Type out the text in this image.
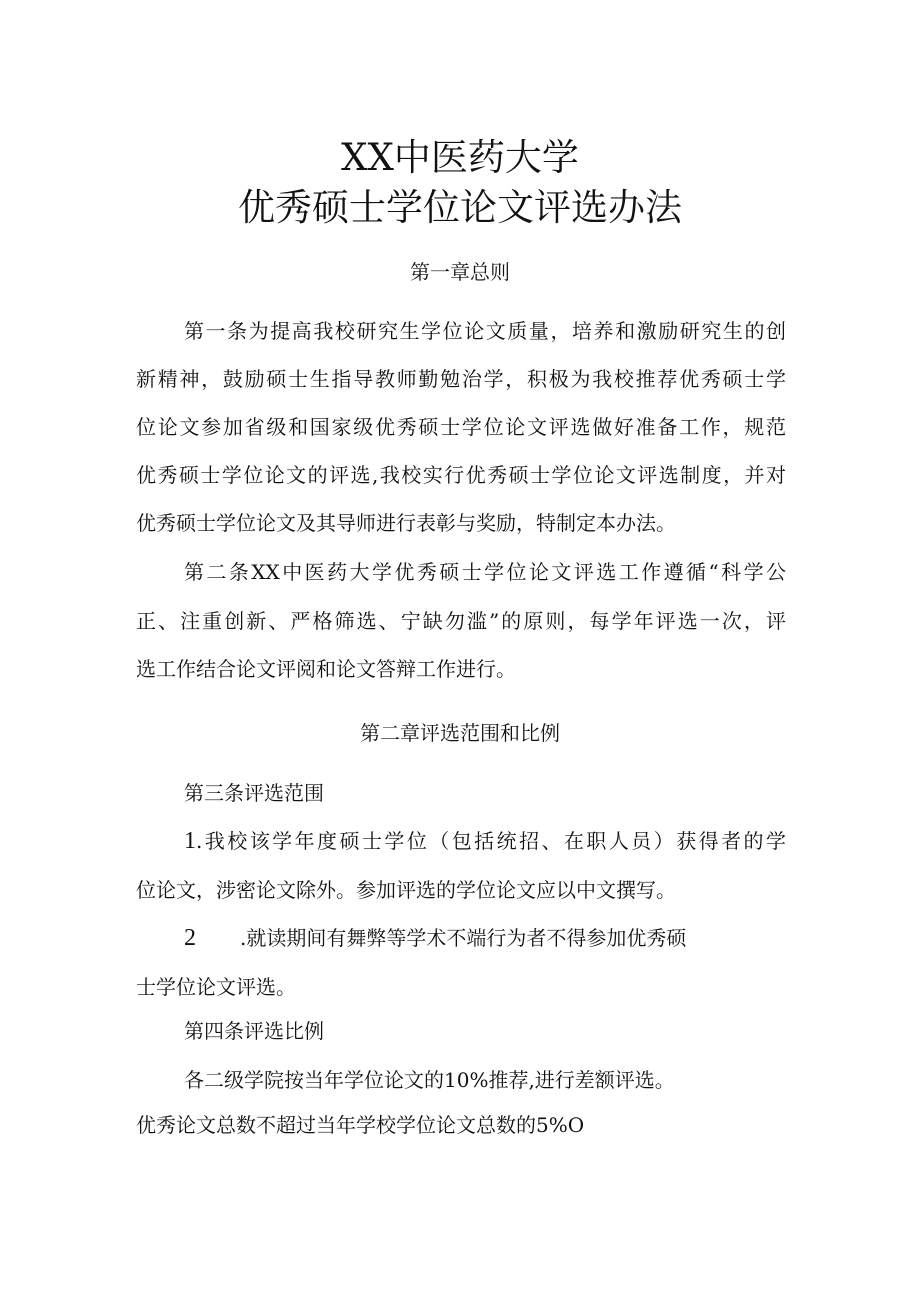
XX中医药大学
优秀硕士学位论文评选办法
第一章总则
第一条为提高我校研究生学位论文质量，培养和激励研究生的创
新精神，鼓励硕士生指导教师勤勉治学，积极为我校推荐优秀硕士学
位论文参加省级和国家级优秀硕士学位论文评选做好准备工作，规范
优秀硕士学位论文的评选,我校实行优秀硕士学位论文评选制度，并对
优秀硕士学位论文及其导师进行表彰与奖励，特制定本办法。
第二条XX中医药大学优秀硕士学位论文评选工作遵循“科学公
正、注重创新、严格筛选、宁缺勿滥”的原则，每学年评选一次，评
选工作结合论文评阅和论文答辩工作进行。
第二章评选范围和比例
第三条评选范围
1.我校该学年度硕士学位（包括统招、在职人员）获得者的学
位论文，涉密论文除外。参加评选的学位论文应以中文撰写。
2 .就读期间有舞弊等学术不端行为者不得参加优秀硕
士学位论文评选。
第四条评选比例
各二级学院按当年学位论文的10%推荐,进行差额评选。
优秀论文总数不超过当年学校学位论文总数的5%O
